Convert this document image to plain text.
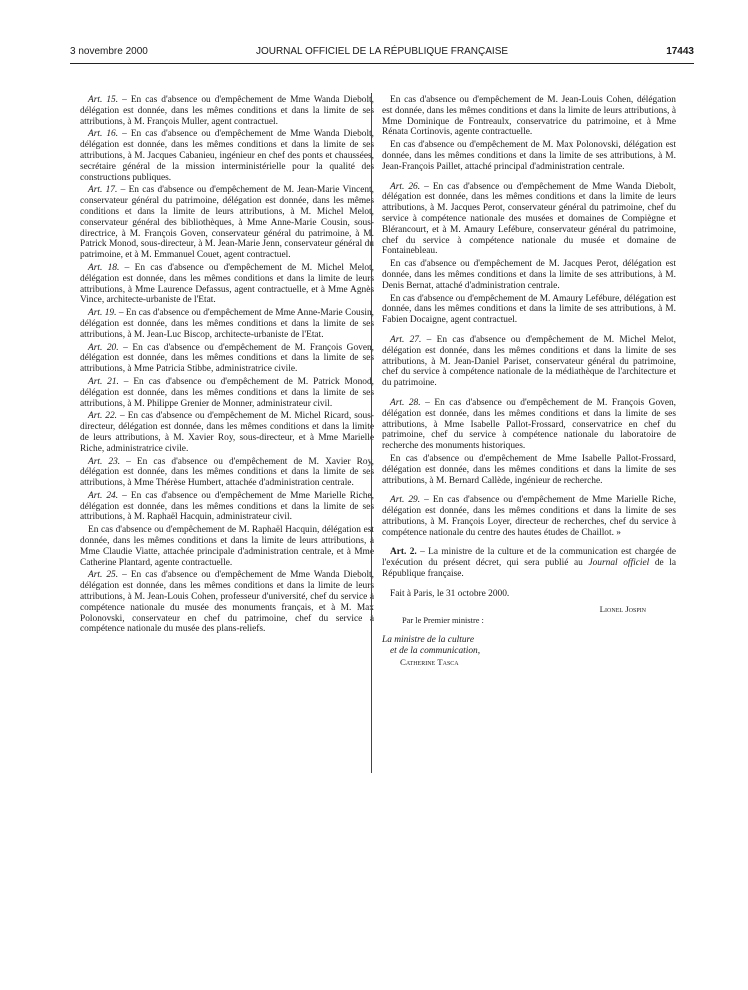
3 novembre 2000	JOURNAL OFFICIEL DE LA RÉPUBLIQUE FRANÇAISE	17443

Art. 15. – En cas d'absence ou d'empêchement de Mme Wanda Diebolt, délégation est donnée, dans les mêmes conditions et dans la limite de ses attributions, à M. François Muller, agent contractuel.

Art. 16. – En cas d'absence ou d'empêchement de Mme Wanda Diebolt, délégation est donnée, dans les mêmes conditions et dans la limite de ses attributions, à M. Jacques Cabanieu, ingénieur en chef des ponts et chaussées, secrétaire général de la mission interministérielle pour la qualité des constructions publiques.

Art. 17. – En cas d'absence ou d'empêchement de M. Jean-Marie Vincent, conservateur général du patrimoine, délégation est donnée, dans les mêmes conditions et dans la limite de leurs attributions, à M. Michel Melot, conservateur général des bibliothèques, à Mme Anne-Marie Cousin, sous-directrice, à M. François Goven, conservateur général du patrimoine, à M. Patrick Monod, sous-directeur, à M. Jean-Marie Jenn, conservateur général du patrimoine, et à M. Emmanuel Couet, agent contractuel.

Art. 18. – En cas d'absence ou d'empêchement de M. Michel Melot, délégation est donnée, dans les mêmes conditions et dans la limite de leurs attributions, à Mme Laurence Defassus, agent contractuelle, et à Mme Agnès Vince, architecte-urbaniste de l'Etat.

Art. 19. – En cas d'absence ou d'empêchement de Mme Anne-Marie Cousin, délégation est donnée, dans les mêmes conditions et dans la limite de ses attributions, à M. Jean-Luc Biscop, architecte-urbaniste de l'Etat.

Art. 20. – En cas d'absence ou d'empêchement de M. François Goven, délégation est donnée, dans les mêmes conditions et dans la limite de ses attributions, à Mme Patricia Stibbe, administratrice civile.

Art. 21. – En cas d'absence ou d'empêchement de M. Patrick Monod, délégation est donnée, dans les mêmes conditions et dans la limite de ses attributions, à M. Philippe Grenier de Monner, administrateur civil.

Art. 22. – En cas d'absence ou d'empêchement de M. Michel Ricard, sous-directeur, délégation est donnée, dans les mêmes conditions et dans la limite de leurs attributions, à M. Xavier Roy, sous-directeur, et à Mme Marielle Riche, administratrice civile.

Art. 23. – En cas d'absence ou d'empêchement de M. Xavier Roy, délégation est donnée, dans les mêmes conditions et dans la limite de ses attributions, à Mme Thérèse Humbert, attachée d'administration centrale.

Art. 24. – En cas d'absence ou d'empêchement de Mme Marielle Riche, délégation est donnée, dans les mêmes conditions et dans la limite de ses attributions, à M. Raphaël Hacquin, administrateur civil.

En cas d'absence ou d'empêchement de M. Raphaël Hacquin, délégation est donnée, dans les mêmes conditions et dans la limite de leurs attributions, à Mme Claudie Viatte, attachée principale d'administration centrale, et à Mme Catherine Plantard, agente contractuelle.

Art. 25. – En cas d'absence ou d'empêchement de Mme Wanda Diebolt, délégation est donnée, dans les mêmes conditions et dans la limite de leurs attributions, à M. Jean-Louis Cohen, professeur d'université, chef du service à compétence nationale du musée des monuments français, et à M. Max Polonovski, conservateur en chef du patrimoine, chef du service à compétence nationale du musée des plans-reliefs.

En cas d'absence ou d'empêchement de M. Jean-Louis Cohen, délégation est donnée, dans les mêmes conditions et dans la limite de leurs attributions, à Mme Dominique de Fontreaulx, conservatrice du patrimoine, et à Mme Rénata Cortinovis, agente contractuelle.

En cas d'absence ou d'empêchement de M. Max Polonovski, délégation est donnée, dans les mêmes conditions et dans la limite de ses attributions, à M. Jean-François Paillet, attaché principal d'administration centrale.

Art. 26. – En cas d'absence ou d'empêchement de Mme Wanda Diebolt, délégation est donnée, dans les mêmes conditions et dans la limite de leurs attributions, à M. Jacques Perot, conservateur général du patrimoine, chef du service à compétence nationale des musées et domaines de Compiègne et Blérancourt, et à M. Amaury Lefébure, conservateur général du patrimoine, chef du service à compétence nationale du musée et domaine de Fontainebleau.

En cas d'absence ou d'empêchement de M. Jacques Perot, délégation est donnée, dans les mêmes conditions et dans la limite de ses attributions, à M. Denis Bernat, attaché d'administration centrale.

En cas d'absence ou d'empêchement de M. Amaury Lefébure, délégation est donnée, dans les mêmes conditions et dans la limite de ses attributions, à M. Fabien Docaigne, agent contractuel.

Art. 27. – En cas d'absence ou d'empêchement de M. Michel Melot, délégation est donnée, dans les mêmes conditions et dans la limite de ses attributions, à M. Jean-Daniel Pariset, conservateur général du patrimoine, chef du service à compétence nationale de la médiathèque de l'architecture et du patrimoine.

Art. 28. – En cas d'absence ou d'empêchement de M. François Goven, délégation est donnée, dans les mêmes conditions et dans la limite de ses attributions, à Mme Isabelle Pallot-Frossard, conservatrice en chef du patrimoine, chef du service à compétence nationale du laboratoire de recherche des monuments historiques.

En cas d'absence ou d'empêchement de Mme Isabelle Pallot-Frossard, délégation est donnée, dans les mêmes conditions et dans la limite de ses attributions, à M. Bernard Callède, ingénieur de recherche.

Art. 29. – En cas d'absence ou d'empêchement de Mme Marielle Riche, délégation est donnée, dans les mêmes conditions et dans la limite de ses attributions, à M. François Loyer, directeur de recherches, chef du service à compétence nationale du centre des hautes études de Chaillot. »

Art. 2. – La ministre de la culture et de la communication est chargée de l'exécution du présent décret, qui sera publié au Journal officiel de la République française.

Fait à Paris, le 31 octobre 2000.

Lionel Jospin
Par le Premier ministre :
La ministre de la culture
et de la communication,
Catherine Tasca
